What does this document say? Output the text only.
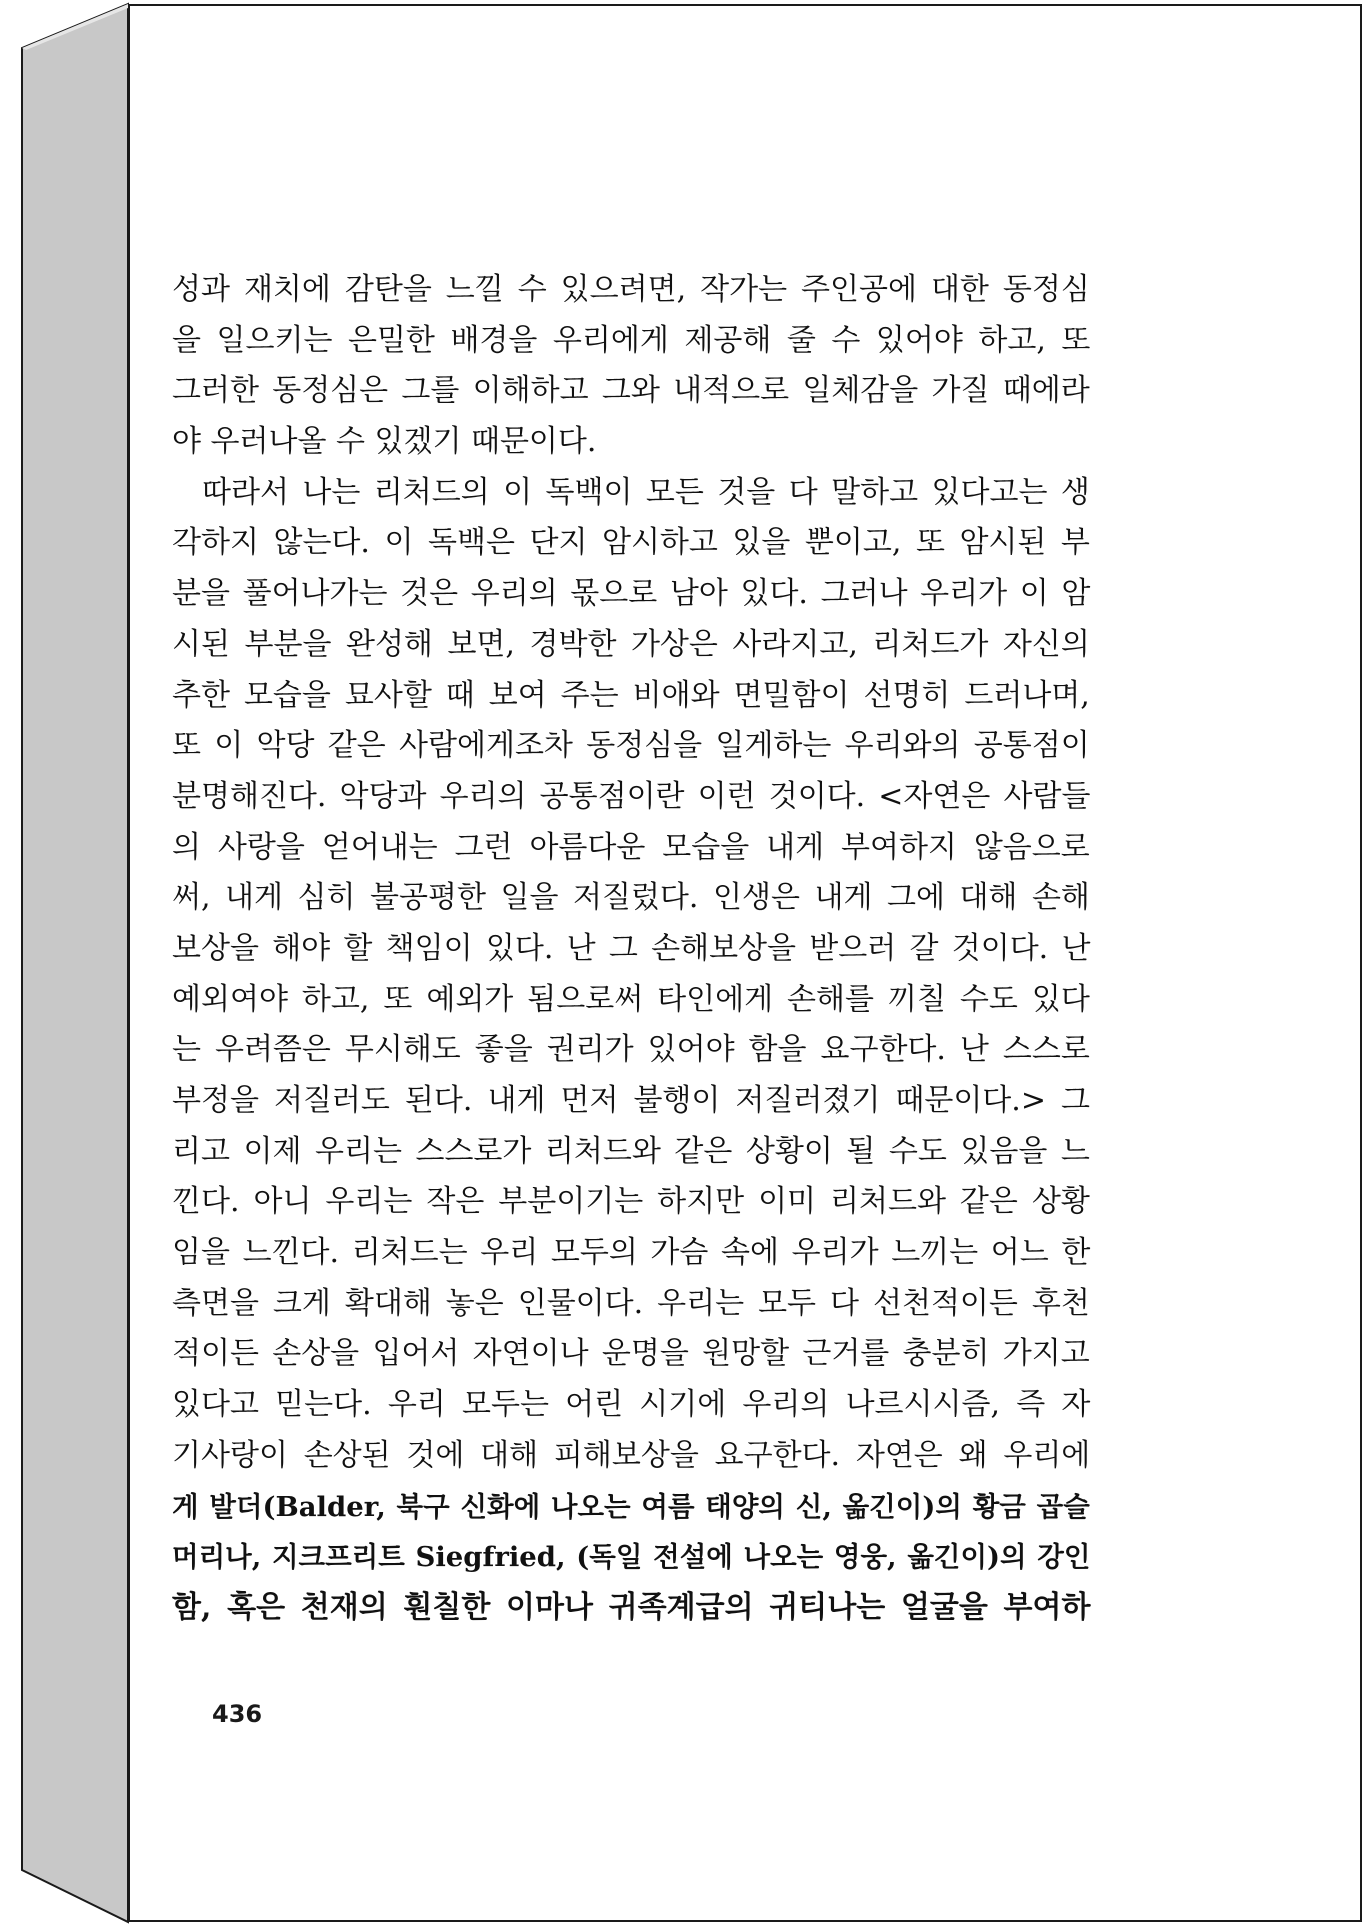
성과 재치에 감탄을 느낄 수 있으려면, 작가는 주인공에 대한 동정심
을 일으키는 은밀한 배경을 우리에게 제공해 줄 수 있어야 하고, 또
그러한 동정심은 그를 이해하고 그와 내적으로 일체감을 가질 때에라
야 우러나올 수 있겠기 때문이다.
따라서 나는 리처드의 이 독백이 모든 것을 다 말하고 있다고는 생
각하지 않는다. 이 독백은 단지 암시하고 있을 뿐이고, 또 암시된 부
분을 풀어나가는 것은 우리의 몫으로 남아 있다. 그러나 우리가 이 암
시된 부분을 완성해 보면, 경박한 가상은 사라지고, 리처드가 자신의
추한 모습을 묘사할 때 보여 주는 비애와 면밀함이 선명히 드러나며,
또 이 악당 같은 사람에게조차 동정심을 일게하는 우리와의 공통점이
분명해진다. 악당과 우리의 공통점이란 이런 것이다. <자연은 사람들
의 사랑을 얻어내는 그런 아름다운 모습을 내게 부여하지 않음으로
써, 내게 심히 불공평한 일을 저질렀다. 인생은 내게 그에 대해 손해
보상을 해야 할 책임이 있다. 난 그 손해보상을 받으러 갈 것이다. 난
예외여야 하고, 또 예외가 됨으로써 타인에게 손해를 끼칠 수도 있다
는 우려쯤은 무시해도 좋을 권리가 있어야 함을 요구한다. 난 스스로
부정을 저질러도 된다. 내게 먼저 불행이 저질러졌기 때문이다.> 그
리고 이제 우리는 스스로가 리처드와 같은 상황이 될 수도 있음을 느
낀다. 아니 우리는 작은 부분이기는 하지만 이미 리처드와 같은 상황
임을 느낀다. 리처드는 우리 모두의 가슴 속에 우리가 느끼는 어느 한
측면을 크게 확대해 놓은 인물이다. 우리는 모두 다 선천적이든 후천
적이든 손상을 입어서 자연이나 운명을 원망할 근거를 충분히 가지고
있다고 믿는다. 우리 모두는 어린 시기에 우리의 나르시시즘, 즉 자
기사랑이 손상된 것에 대해 피해보상을 요구한다. 자연은 왜 우리에
게 발더(Balder, 북구 신화에 나오는 여름 태양의 신, 옮긴이)의 황금 곱슬
머리나, 지크프리트 Siegfried, (독일 전설에 나오는 영웅, 옮긴이)의 강인
함, 혹은 천재의 훤칠한 이마나 귀족계급의 귀티나는 얼굴을 부여하
436
